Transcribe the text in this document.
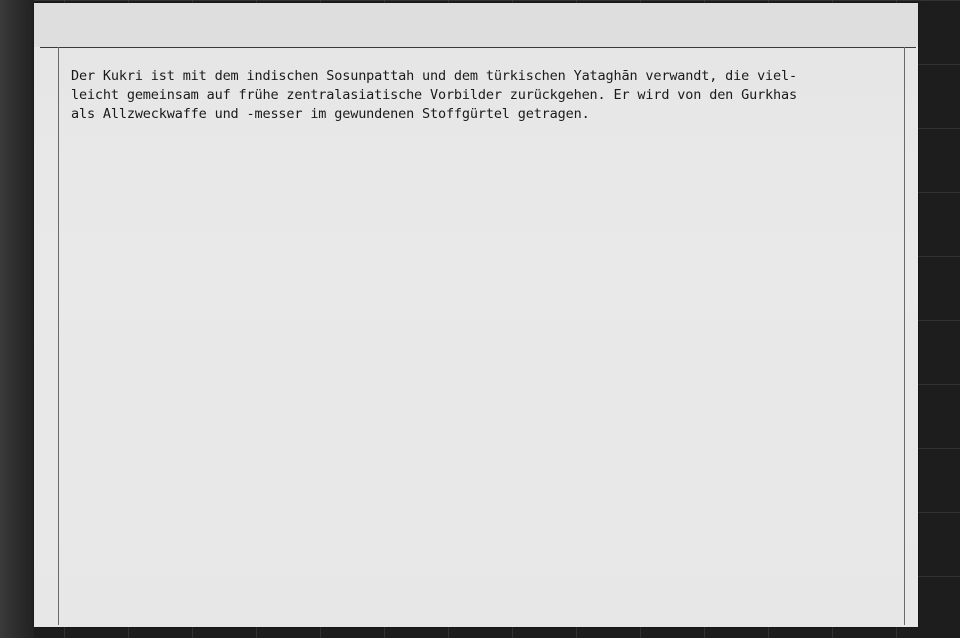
Der Kukri ist mit dem indischen Sosunpattah und dem türkischen Yataghān verwandt, die viel-
leicht gemeinsam auf frühe zentralasiatische Vorbilder zurückgehen. Er wird von den Gurkhas
als Allzweckwaffe und -messer im gewundenen Stoffgürtel getragen.
